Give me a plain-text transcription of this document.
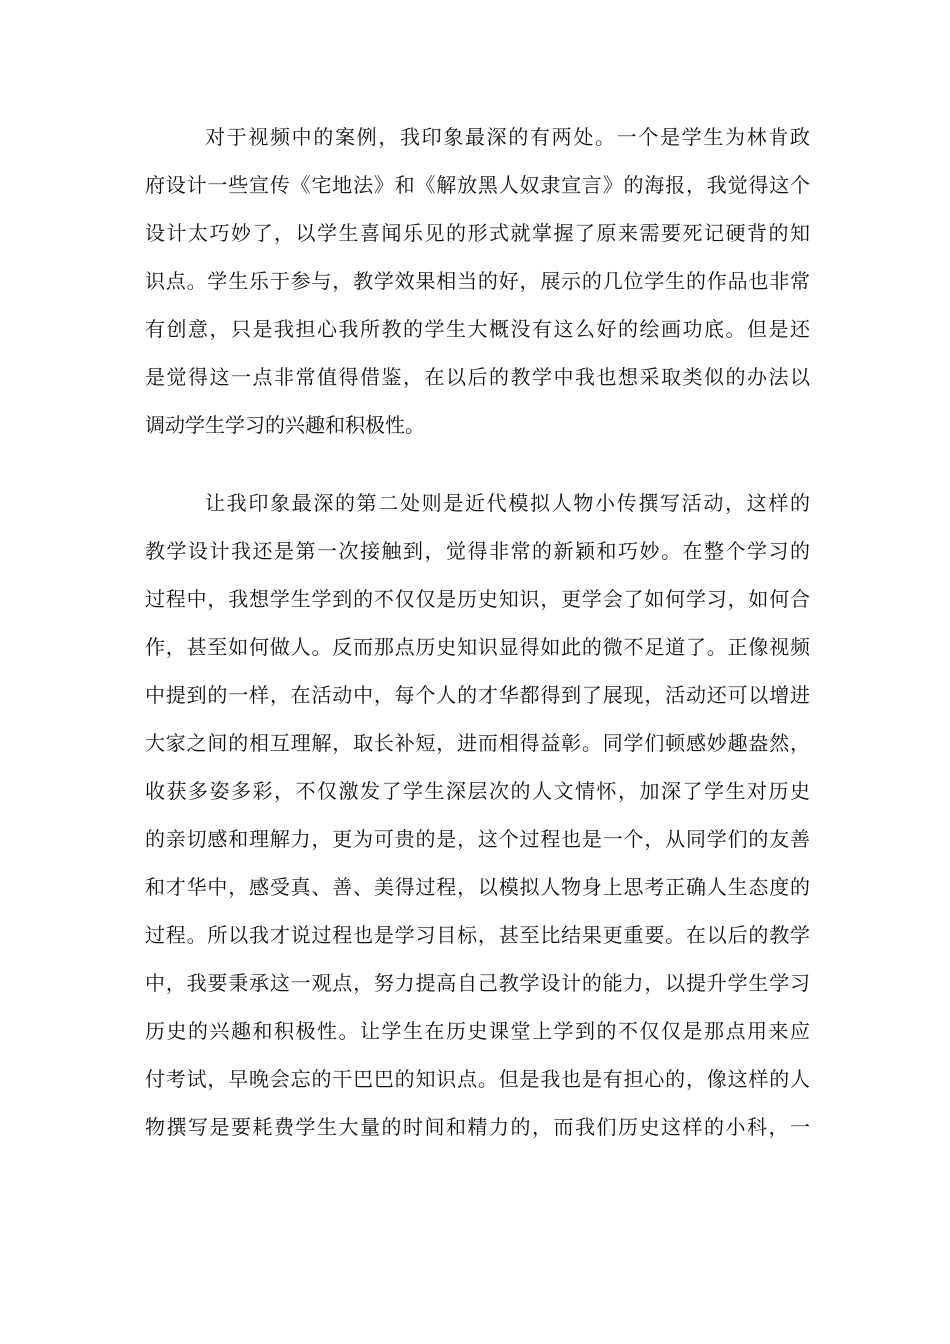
对于视频中的案例，我印象最深的有两处。一个是学生为林肯政
府设计一些宣传《宅地法》和《解放黑人奴隶宣言》的海报，我觉得这个
设计太巧妙了，以学生喜闻乐见的形式就掌握了原来需要死记硬背的知
识点。学生乐于参与，教学效果相当的好，展示的几位学生的作品也非常
有创意，只是我担心我所教的学生大概没有这么好的绘画功底。但是还
是觉得这一点非常值得借鉴，在以后的教学中我也想采取类似的办法以
调动学生学习的兴趣和积极性。
让我印象最深的第二处则是近代模拟人物小传撰写活动，这样的
教学设计我还是第一次接触到，觉得非常的新颖和巧妙。在整个学习的
过程中，我想学生学到的不仅仅是历史知识，更学会了如何学习，如何合
作，甚至如何做人。反而那点历史知识显得如此的微不足道了。正像视频
中提到的一样，在活动中，每个人的才华都得到了展现，活动还可以增进
大家之间的相互理解，取长补短，进而相得益彰。同学们顿感妙趣盎然，
收获多姿多彩，不仅激发了学生深层次的人文情怀，加深了学生对历史
的亲切感和理解力，更为可贵的是，这个过程也是一个，从同学们的友善
和才华中，感受真、善、美得过程，以模拟人物身上思考正确人生态度的
过程。所以我才说过程也是学习目标，甚至比结果更重要。在以后的教学
中，我要秉承这一观点，努力提高自己教学设计的能力，以提升学生学习
历史的兴趣和积极性。让学生在历史课堂上学到的不仅仅是那点用来应
付考试，早晚会忘的干巴巴的知识点。但是我也是有担心的，像这样的人
物撰写是要耗费学生大量的时间和精力的，而我们历史这样的小科，一
